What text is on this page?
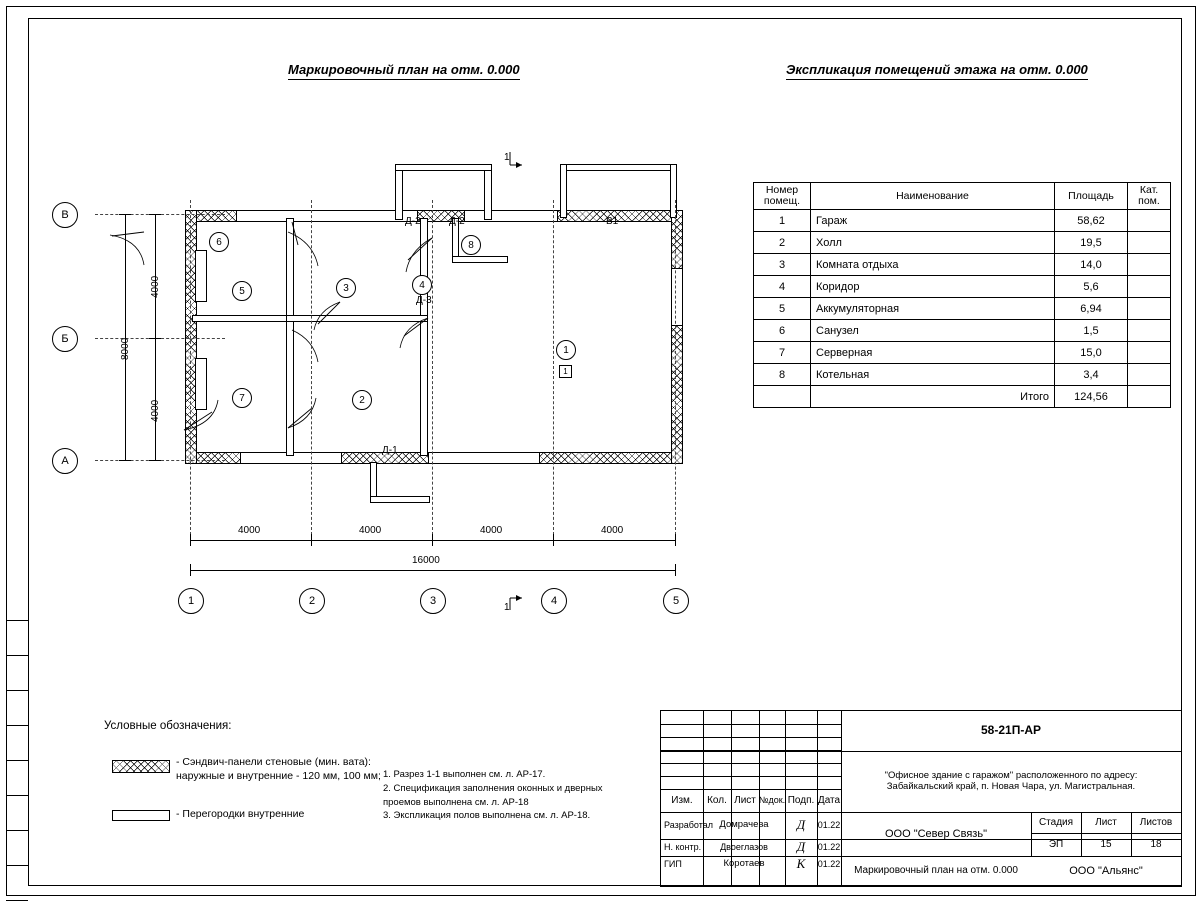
Маркировочный план на отм. 0.000	Экспликация помещений этажа на отм. 0.000
Номер помещ.	Наименование	Площадь	Кат. пом.
1	Гараж	58,62	
2	Холл	19,5	
3	Комната отдыха	14,0	
4	Коридор	5,6	
5	Аккумуляторная	6,94	
6	Санузел	1,5	
7	Серверная	15,0	
8	Котельная	3,4	
	Итого	124,56	
В
Б
А
1	2	3	4	5
1
2
3	4
5
6
7
8
1
Д-2	Д-2
Д-3
Д-1
В1
1
1
4000	4000	4000	4000
16000
4000
4000
8000
Условные обозначения:
- Сэндвич-панели стеновые (мин. вата):
наружные и внутренние - 120 мм, 100 мм;
- Перегородки внутренние
1. Разрез 1-1 выполнен см. л. АР-17.
2. Спецификация заполнения оконных и дверных
проемов выполнена см. л. АР-18
3. Экспликация полов выполнена см. л. АР-18.
Изм.	Кол. Лист №док. Подп. Дата
Разработал Домрачева	Д	01.22
Н. контр.	Двоеглазов	Д	01.22
ГИП	Коротаев	К	01.22
58-21П-АР
"Офисное здание с гаражом" расположенного по адресу:
Забайкальский край, п. Новая Чара, ул. Магистральная.
ООО "Север Связь"
Маркировочный план на отм. 0.000
Стадия	Лист	Листов
ЭП	15	18
ООО "Альянс"
